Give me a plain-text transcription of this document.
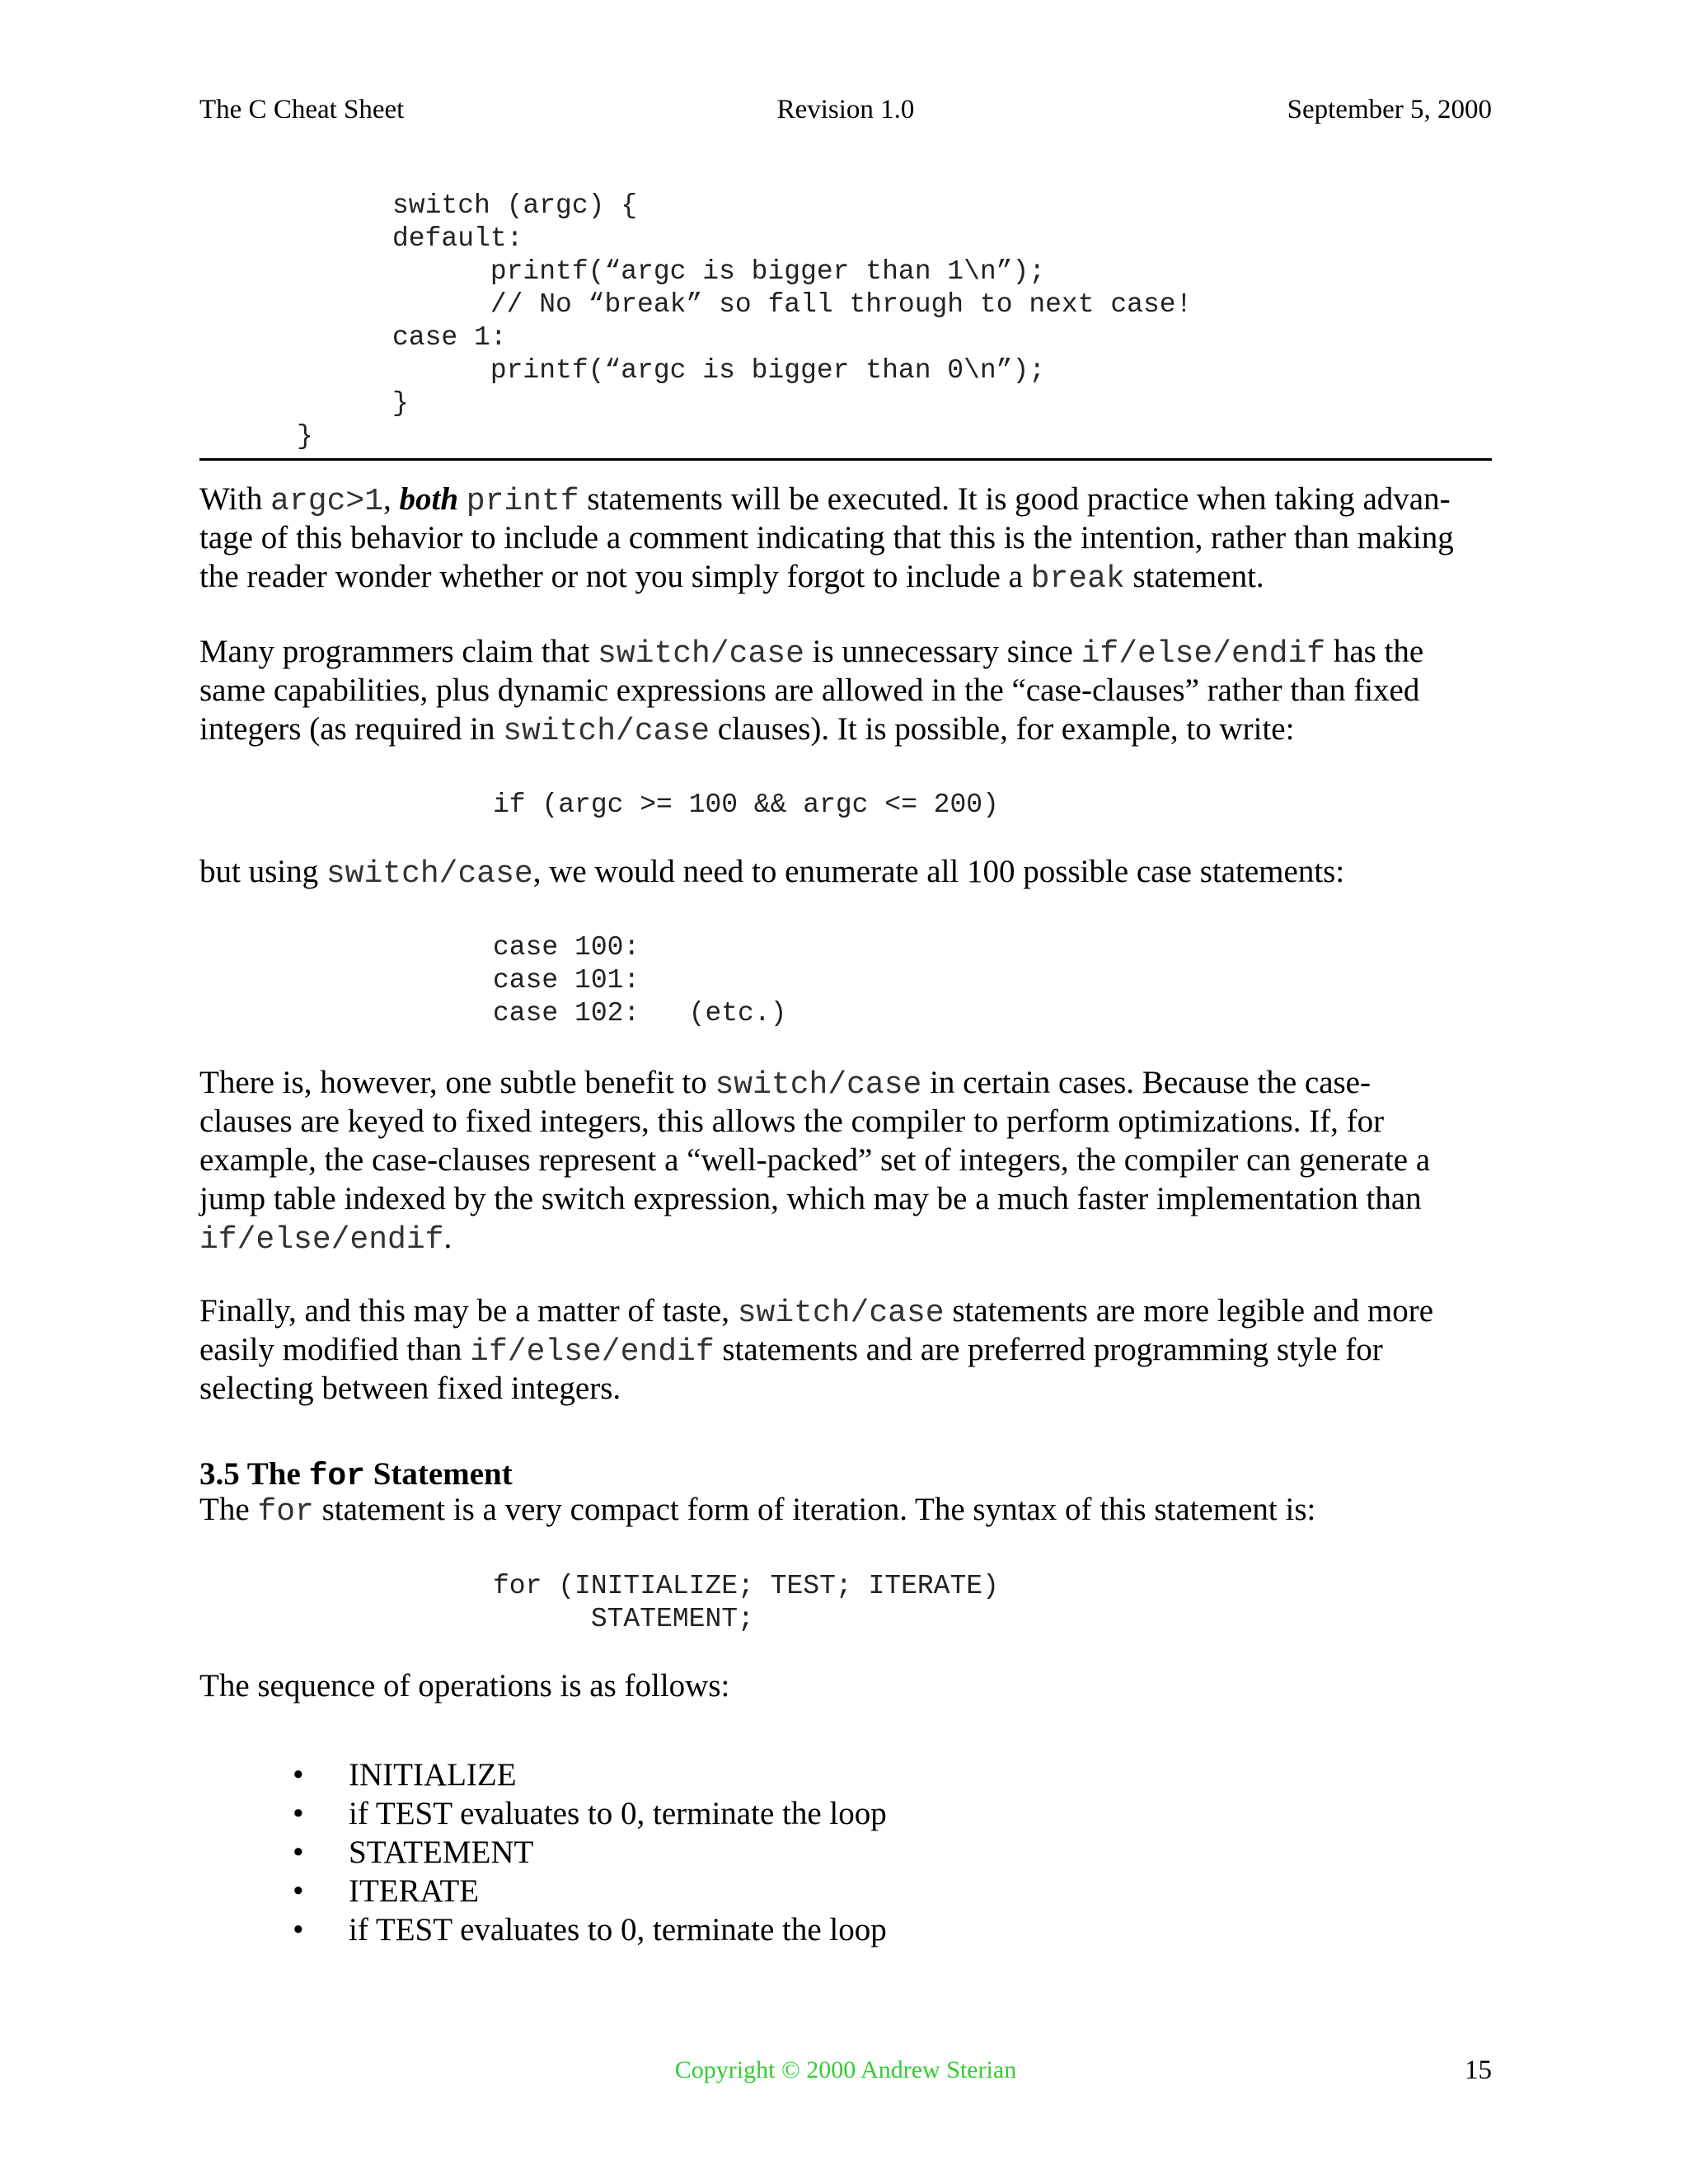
The C Cheat Sheet	Revision 1.0	September 5, 2000
switch (argc) {
default:
printf(“argc is bigger than 1\n”);
// No “break” so fall through to next case!
case 1:
printf(“argc is bigger than 0\n”);
}
}
With argc>1, both printf statements will be executed. It is good practice when taking advan-
tage of this behavior to include a comment indicating that this is the intention, rather than making
the reader wonder whether or not you simply forgot to include a break statement.
Many programmers claim that switch/case is unnecessary since if/else/endif has the
same capabilities, plus dynamic expressions are allowed in the “case-clauses” rather than fixed
integers (as required in switch/case clauses). It is possible, for example, to write:
if (argc >= 100 && argc <= 200)
but using switch/case, we would need to enumerate all 100 possible case statements:
case 100:
case 101:
case 102:   (etc.)
There is, however, one subtle benefit to switch/case in certain cases. Because the case-
clauses are keyed to fixed integers, this allows the compiler to perform optimizations. If, for
example, the case-clauses represent a “well-packed” set of integers, the compiler can generate a
jump table indexed by the switch expression, which may be a much faster implementation than
if/else/endif.
Finally, and this may be a matter of taste, switch/case statements are more legible and more
easily modified than if/else/endif statements and are preferred programming style for
selecting between fixed integers.
3.5 The for Statement
The for statement is a very compact form of iteration. The syntax of this statement is:
for (INITIALIZE; TEST; ITERATE)
STATEMENT;
The sequence of operations is as follows:
• INITIALIZE
• if TEST evaluates to 0, terminate the loop
• STATEMENT
• ITERATE
• if TEST evaluates to 0, terminate the loop
Copyright © 2000 Andrew Sterian	15
